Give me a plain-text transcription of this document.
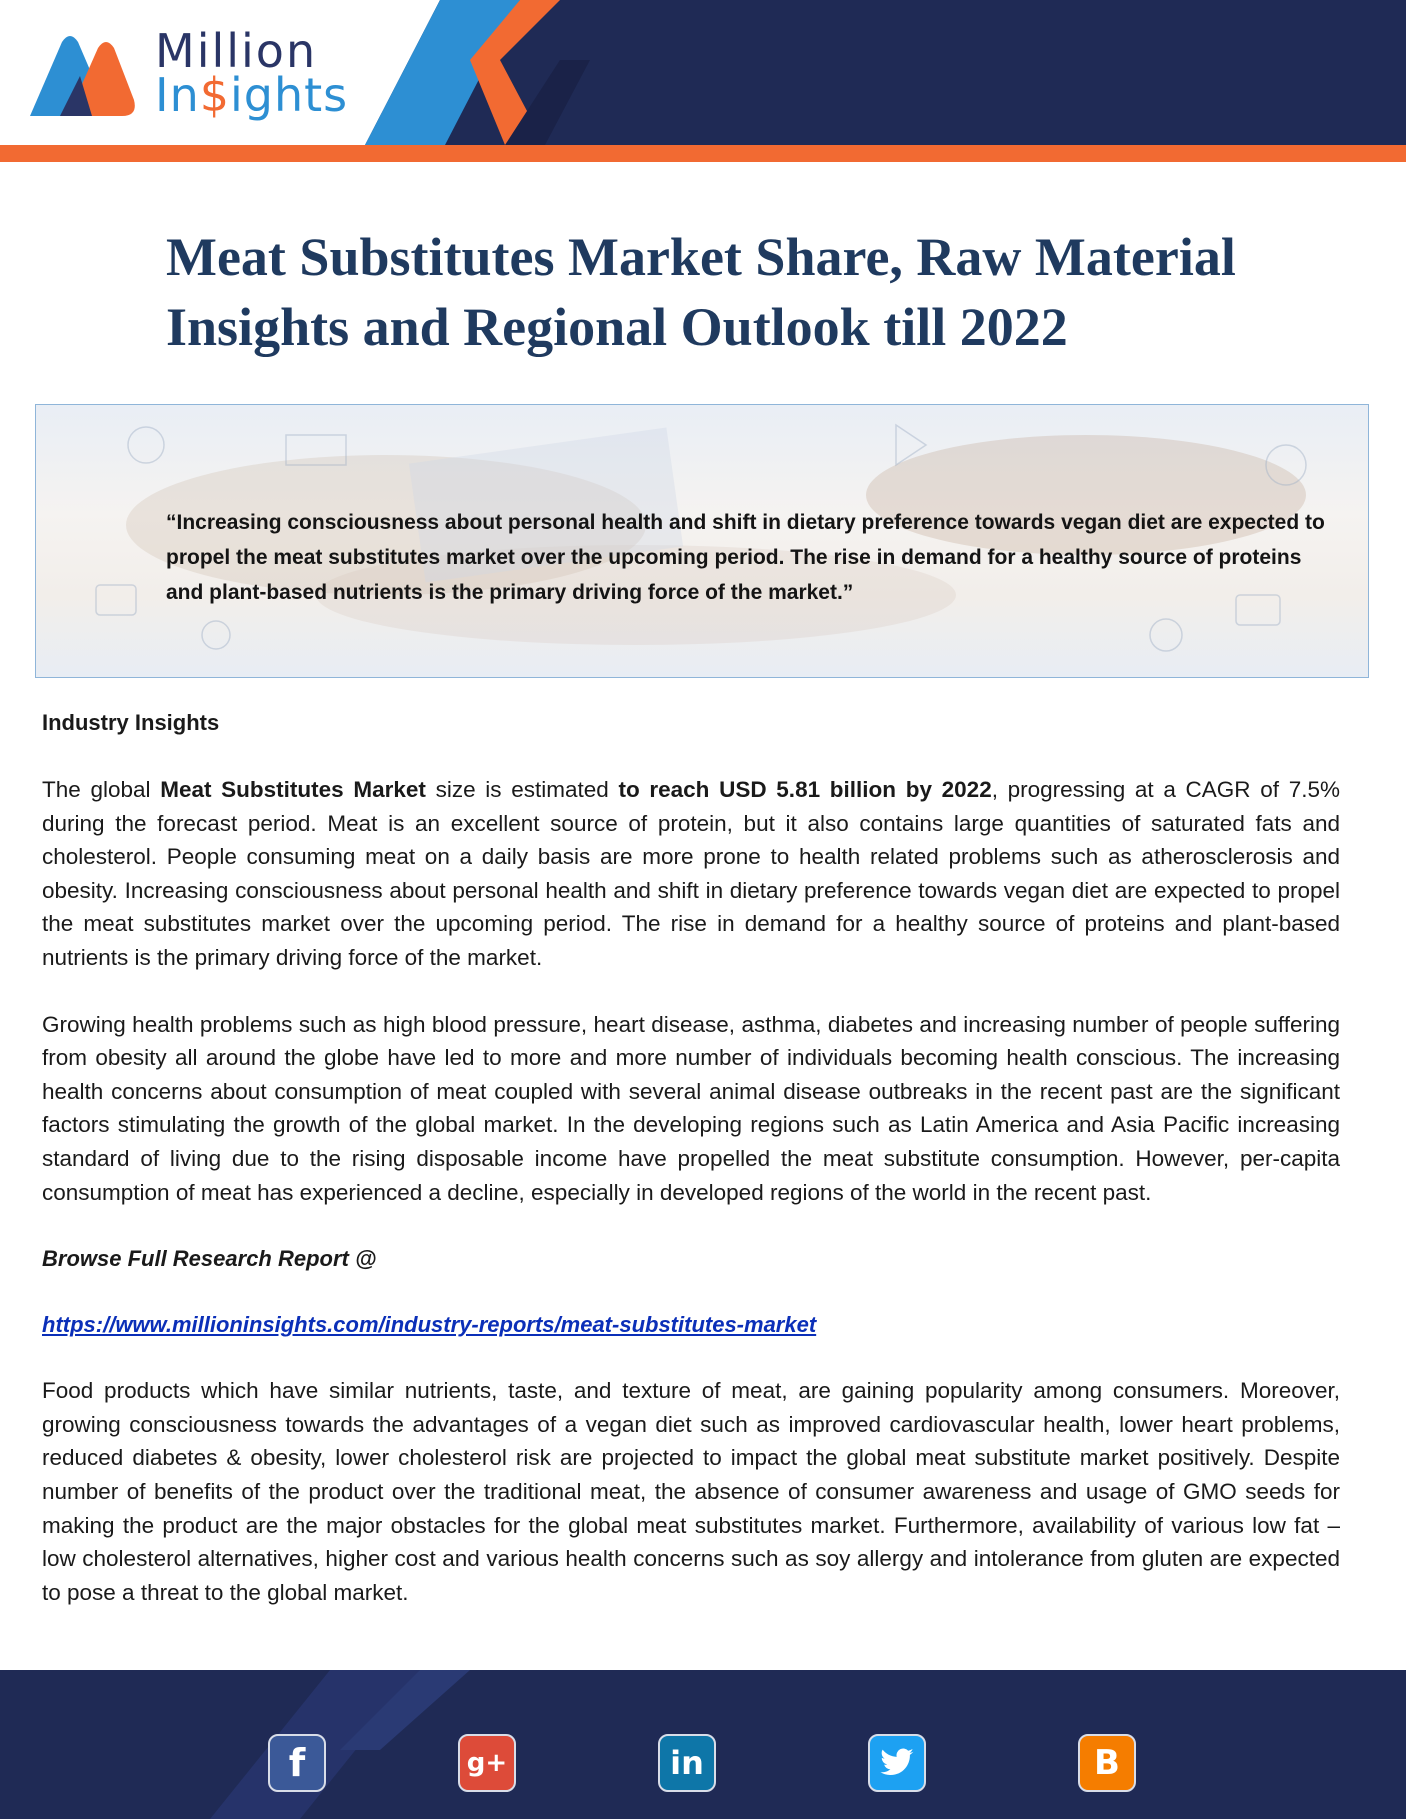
Million
In$ights
Meat Substitutes Market Share, Raw Material Insights and Regional Outlook till 2022

“Increasing consciousness about personal health and shift in dietary preference towards vegan diet are expected to propel the meat substitutes market over the upcoming period. The rise in demand for a healthy source of proteins and plant-based nutrients is the primary driving force of the market.”

Industry Insights

The global Meat Substitutes Market size is estimated to reach USD 5.81 billion by 2022, progressing at a CAGR of 7.5% during the forecast period. Meat is an excellent source of protein, but it also contains large quantities of saturated fats and cholesterol. People consuming meat on a daily basis are more prone to health related problems such as atherosclerosis and obesity. Increasing consciousness about personal health and shift in dietary preference towards vegan diet are expected to propel the meat substitutes market over the upcoming period. The rise in demand for a healthy source of proteins and plant-based nutrients is the primary driving force of the market.

Growing health problems such as high blood pressure, heart disease, asthma, diabetes and increasing number of people suffering from obesity all around the globe have led to more and more number of individuals becoming health conscious. The increasing health concerns about consumption of meat coupled with several animal disease outbreaks in the recent past are the significant factors stimulating the growth of the global market. In the developing regions such as Latin America and Asia Pacific increasing standard of living due to the rising disposable income have propelled the meat substitute consumption. However, per-capita consumption of meat has experienced a decline, especially in developed regions of the world in the recent past.

Browse Full Research Report @

https://www.millioninsights.com/industry-reports/meat-substitutes-market

Food products which have similar nutrients, taste, and texture of meat, are gaining popularity among consumers. Moreover, growing consciousness towards the advantages of a vegan diet such as improved cardiovascular health, lower heart problems, reduced diabetes & obesity, lower cholesterol risk are projected to impact the global meat substitute market positively. Despite number of benefits of the product over the traditional meat, the absence of consumer awareness and usage of GMO seeds for making the product are the major obstacles for the global meat substitutes market. Furthermore, availability of various low fat – low cholesterol alternatives, higher cost and various health concerns such as soy allergy and intolerance from gluten are expected to pose a threat to the global market.

f	g+	in	B
